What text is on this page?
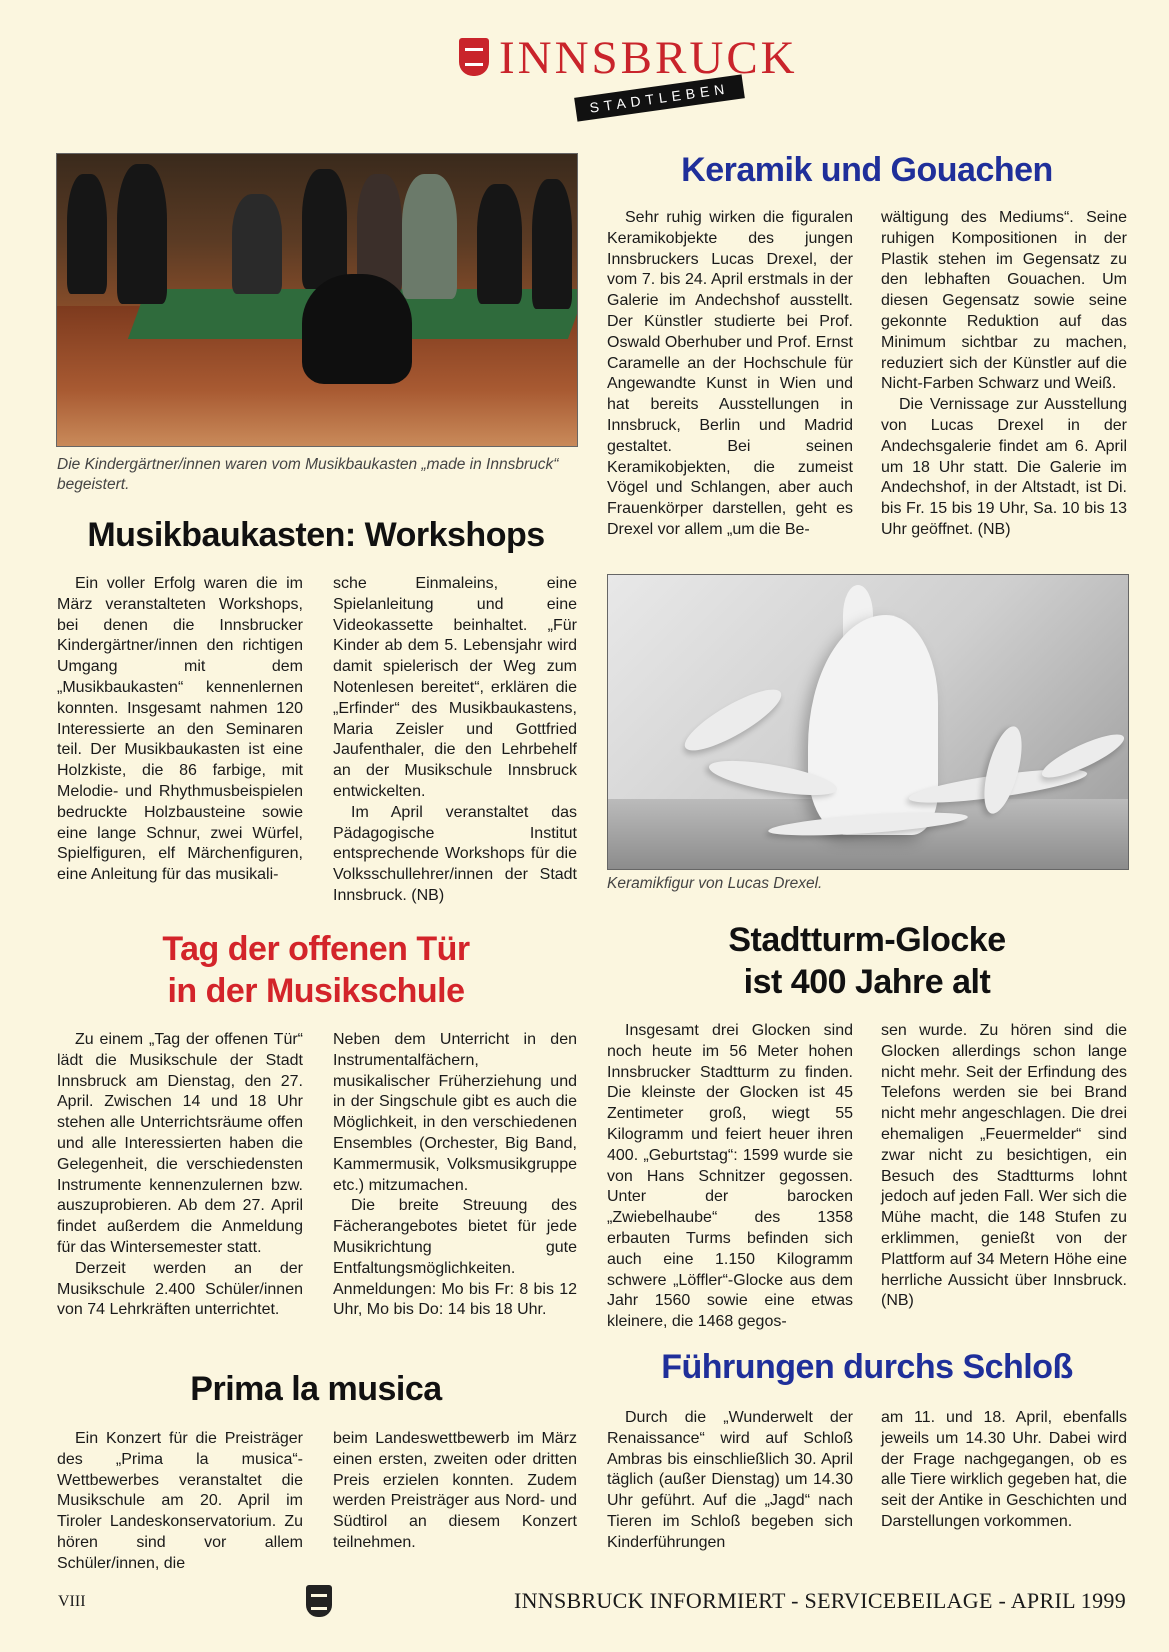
INNSBRUCK
STADTLEBEN
Die Kindergärtner/innen waren vom Musikbaukasten „made in Innsbruck“ begeistert.
Musikbaukasten: Workshops

Ein voller Erfolg waren die im März veranstalteten Workshops, bei denen die Innsbrucker Kindergärtner/innen den richtigen Umgang mit dem „Musikbaukasten“ kennenlernen konnten. Insgesamt nahmen 120 Interessierte an den Seminaren teil. Der Musikbaukasten ist eine Holzkiste, die 86 farbige, mit Melodie- und Rhythmusbeispielen bedruckte Holzbausteine sowie eine lange Schnur, zwei Würfel, Spielfiguren, elf Märchenfiguren, eine Anleitung für das musikali-

sche Einmaleins, eine Spielanleitung und eine Videokassette beinhaltet. „Für Kinder ab dem 5. Lebensjahr wird damit spielerisch der Weg zum Notenlesen bereitet“, erklären die „Erfinder“ des Musikbaukastens, Maria Zeisler und Gottfried Jaufenthaler, die den Lehrbehelf an der Musikschule Innsbruck entwickelten.

Im April veranstaltet das Pädagogische Institut entsprechende Workshops für die Volksschullehrer/innen der Stadt Innsbruck. (NB)

Keramik und Gouachen

Sehr ruhig wirken die figuralen Keramikobjekte des jungen Innsbruckers Lucas Drexel, der vom 7. bis 24. April erstmals in der Galerie im Andechshof ausstellt. Der Künstler studierte bei Prof. Oswald Oberhuber und Prof. Ernst Caramelle an der Hochschule für Angewandte Kunst in Wien und hat bereits Ausstellungen in Innsbruck, Berlin und Madrid gestaltet. Bei seinen Keramikobjekten, die zumeist Vögel und Schlangen, aber auch Frauenkörper darstellen, geht es Drexel vor allem „um die Be-

wältigung des Mediums“. Seine ruhigen Kompositionen in der Plastik stehen im Gegensatz zu den lebhaften Gouachen. Um diesen Gegensatz sowie seine gekonnte Reduktion auf das Minimum sichtbar zu machen, reduziert sich der Künstler auf die Nicht-Farben Schwarz und Weiß.

Die Vernissage zur Ausstellung von Lucas Drexel in der Andechsgalerie findet am 6. April um 18 Uhr statt. Die Galerie im Andechshof, in der Altstadt, ist Di. bis Fr. 15 bis 19 Uhr, Sa. 10 bis 13 Uhr geöffnet. (NB)

Keramikfigur von Lucas Drexel.
Tag der offenen Tür
in der Musikschule

Zu einem „Tag der offenen Tür“ lädt die Musikschule der Stadt Innsbruck am Dienstag, den 27. April. Zwischen 14 und 18 Uhr stehen alle Unterrichtsräume offen und alle Interessierten haben die Gelegenheit, die verschiedensten Instrumente kennenzulernen bzw. auszuprobieren. Ab dem 27. April findet außerdem die Anmeldung für das Wintersemester statt.

Derzeit werden an der Musikschule 2.400 Schüler/innen von 74 Lehrkräften unterrichtet.

Neben dem Unterricht in den Instrumentalfächern, musikalischer Früherziehung und in der Singschule gibt es auch die Möglichkeit, in den verschiedenen Ensembles (Orchester, Big Band, Kammermusik, Volksmusikgruppe etc.) mitzumachen.

Die breite Streuung des Fächerangebotes bietet für jede Musikrichtung gute Entfaltungsmöglichkeiten. Anmeldungen: Mo bis Fr: 8 bis 12 Uhr, Mo bis Do: 14 bis 18 Uhr.

Stadtturm-Glocke
ist 400 Jahre alt

Insgesamt drei Glocken sind noch heute im 56 Meter hohen Innsbrucker Stadtturm zu finden. Die kleinste der Glocken ist 45 Zentimeter groß, wiegt 55 Kilogramm und feiert heuer ihren 400. „Geburtstag“: 1599 wurde sie von Hans Schnitzer gegossen. Unter der barocken „Zwiebelhaube“ des 1358 erbauten Turms befinden sich auch eine 1.150 Kilogramm schwere „Löffler“-Glocke aus dem Jahr 1560 sowie eine etwas kleinere, die 1468 gegos-

sen wurde. Zu hören sind die Glocken allerdings schon lange nicht mehr. Seit der Erfindung des Telefons werden sie bei Brand nicht mehr angeschlagen. Die drei ehemaligen „Feuermelder“ sind zwar nicht zu besichtigen, ein Besuch des Stadtturms lohnt jedoch auf jeden Fall. Wer sich die Mühe macht, die 148 Stufen zu erklimmen, genießt von der Plattform auf 34 Metern Höhe eine herrliche Aussicht über Innsbruck. (NB)

Prima la musica

Ein Konzert für die Preisträger des „Prima la musica“-Wettbewerbes veranstaltet die Musikschule am 20. April im Tiroler Landeskonservatorium. Zu hören sind vor allem Schüler/innen, die

beim Landeswettbewerb im März einen ersten, zweiten oder dritten Preis erzielen konnten. Zudem werden Preisträger aus Nord- und Südtirol an diesem Konzert teilnehmen.

Führungen durchs Schloß

Durch die „Wunderwelt der Renaissance“ wird auf Schloß Ambras bis einschließlich 30. April täglich (außer Dienstag) um 14.30 Uhr geführt. Auf die „Jagd“ nach Tieren im Schloß begeben sich Kinderführungen

am 11. und 18. April, ebenfalls jeweils um 14.30 Uhr. Dabei wird der Frage nachgegangen, ob es alle Tiere wirklich gegeben hat, die seit der Antike in Geschichten und Darstellungen vorkommen.

VIII	INNSBRUCK INFORMIERT - SERVICEBEILAGE - APRIL 1999
